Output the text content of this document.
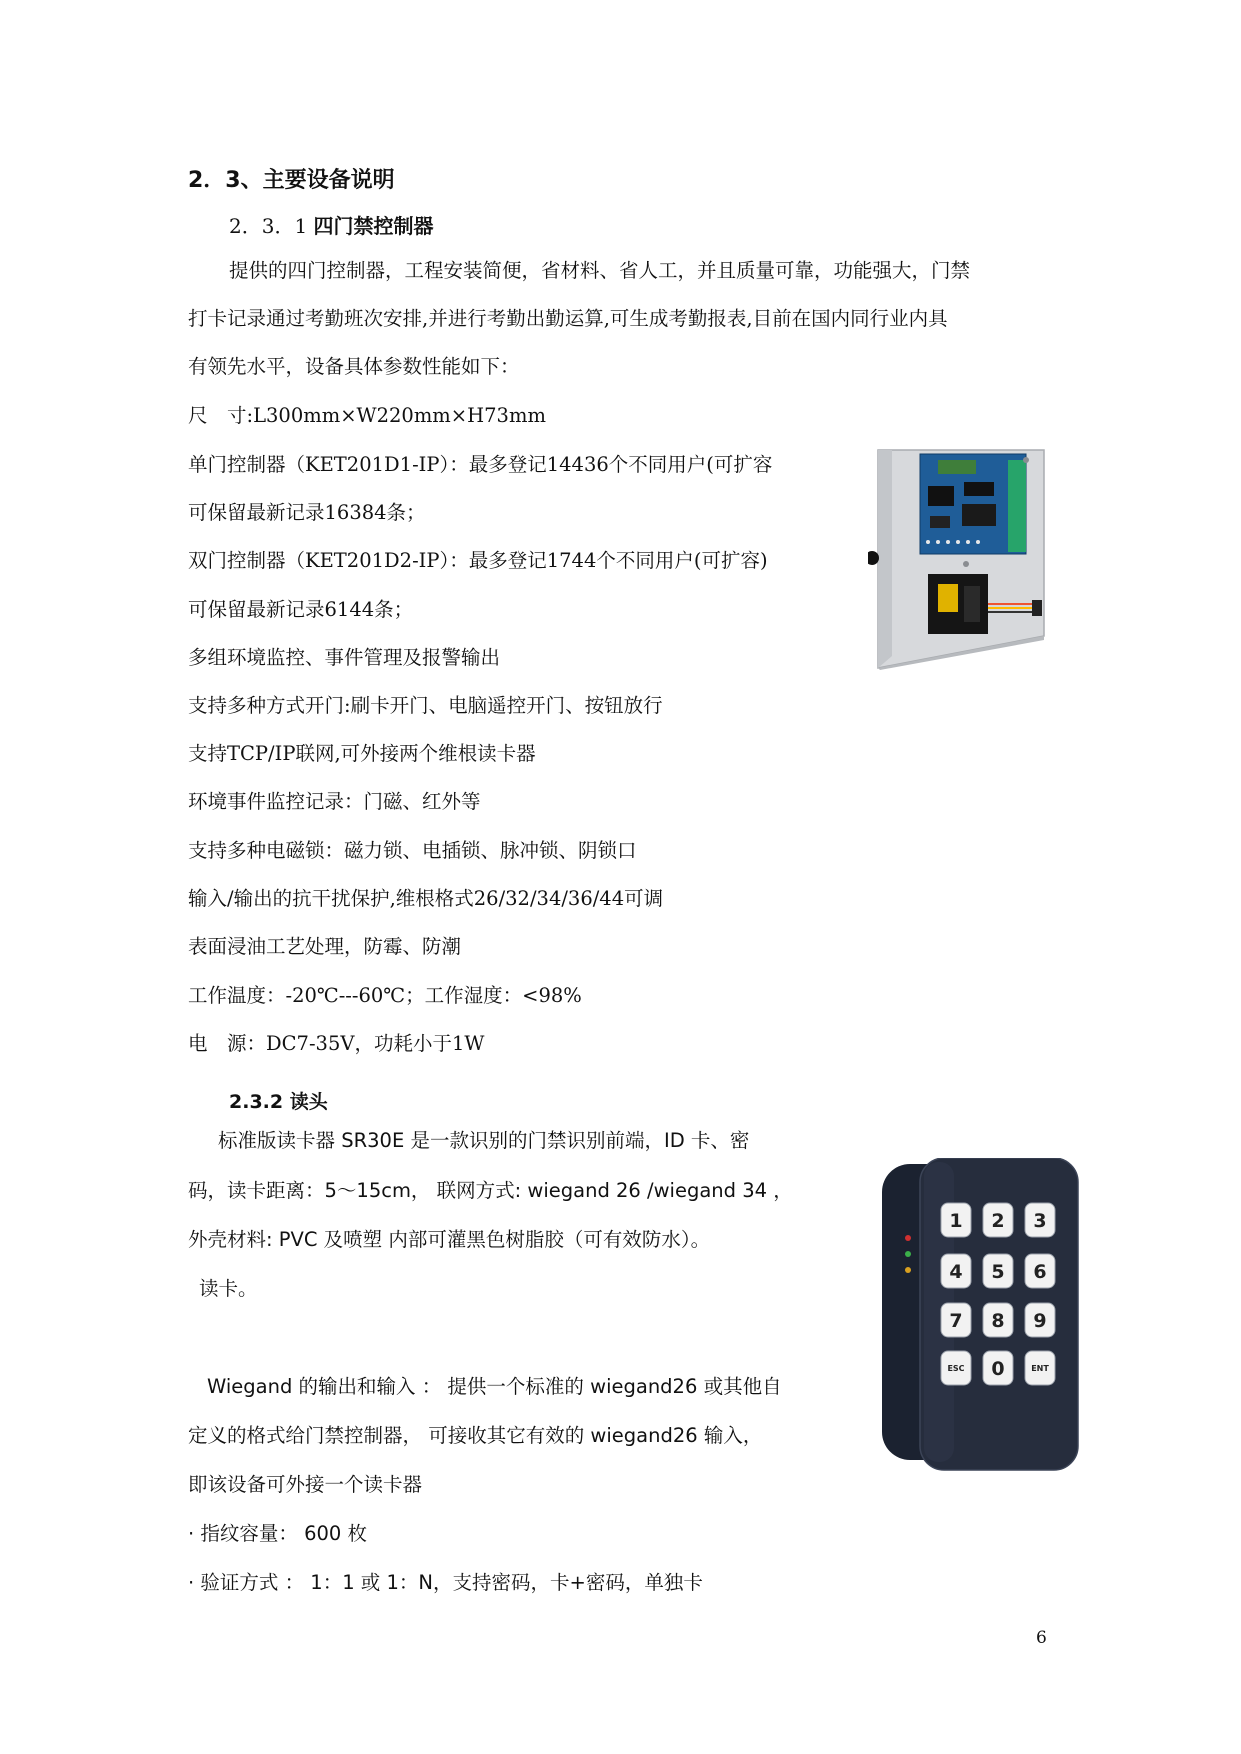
2．3、主要设备说明
2．3．1 四门禁控制器
提供的四门控制器，工程安装简便，省材料、省人工，并且质量可靠，功能强大，门禁
打卡记录通过考勤班次安排,并进行考勤出勤运算,可生成考勤报表,目前在国内同行业内具
有领先水平，设备具体参数性能如下：
尺　寸:L300mm×W220mm×H73mm
单门控制器（KET201D1-IP）：最多登记14436个不同用户(可扩容
可保留最新记录16384条；
双门控制器（KET201D2-IP）：最多登记1744个不同用户(可扩容)
可保留最新记录6144条；
多组环境监控、事件管理及报警输出
支持多种方式开门:刷卡开门、电脑遥控开门、按钮放行
支持TCP/IP联网,可外接两个维根读卡器
环境事件监控记录：门磁、红外等
支持多种电磁锁：磁力锁、电插锁、脉冲锁、阴锁口
输入/输出的抗干扰保护,维根格式26/32/34/36/44可调
表面浸油工艺处理，防霉、防潮
工作温度：-20℃---60℃；工作湿度：<98%
电　源：DC7-35V，功耗小于1W
2.3.2 读头
标准版读卡器 SR30E 是一款识别的门禁识别前端，ID 卡、密
码，读卡距离：5～15cm， 联网方式: wiegand 26 /wiegand 34 ，
外壳材料: PVC 及喷塑 内部可灌黑色树脂胶（可有效防水）。
读卡。
Wiegand 的输出和输入 ： 提供一个标准的 wiegand26 或其他自
定义的格式给门禁控制器， 可接收其它有效的 wiegand26 输入，
即该设备可外接一个读卡器
· 指纹容量： 600 枚
· 验证方式 ： 1：1 或 1：N，支持密码，卡+密码，单独卡
1 2 3
4 5 6
7 8 9
ESC 0	ENT
6
